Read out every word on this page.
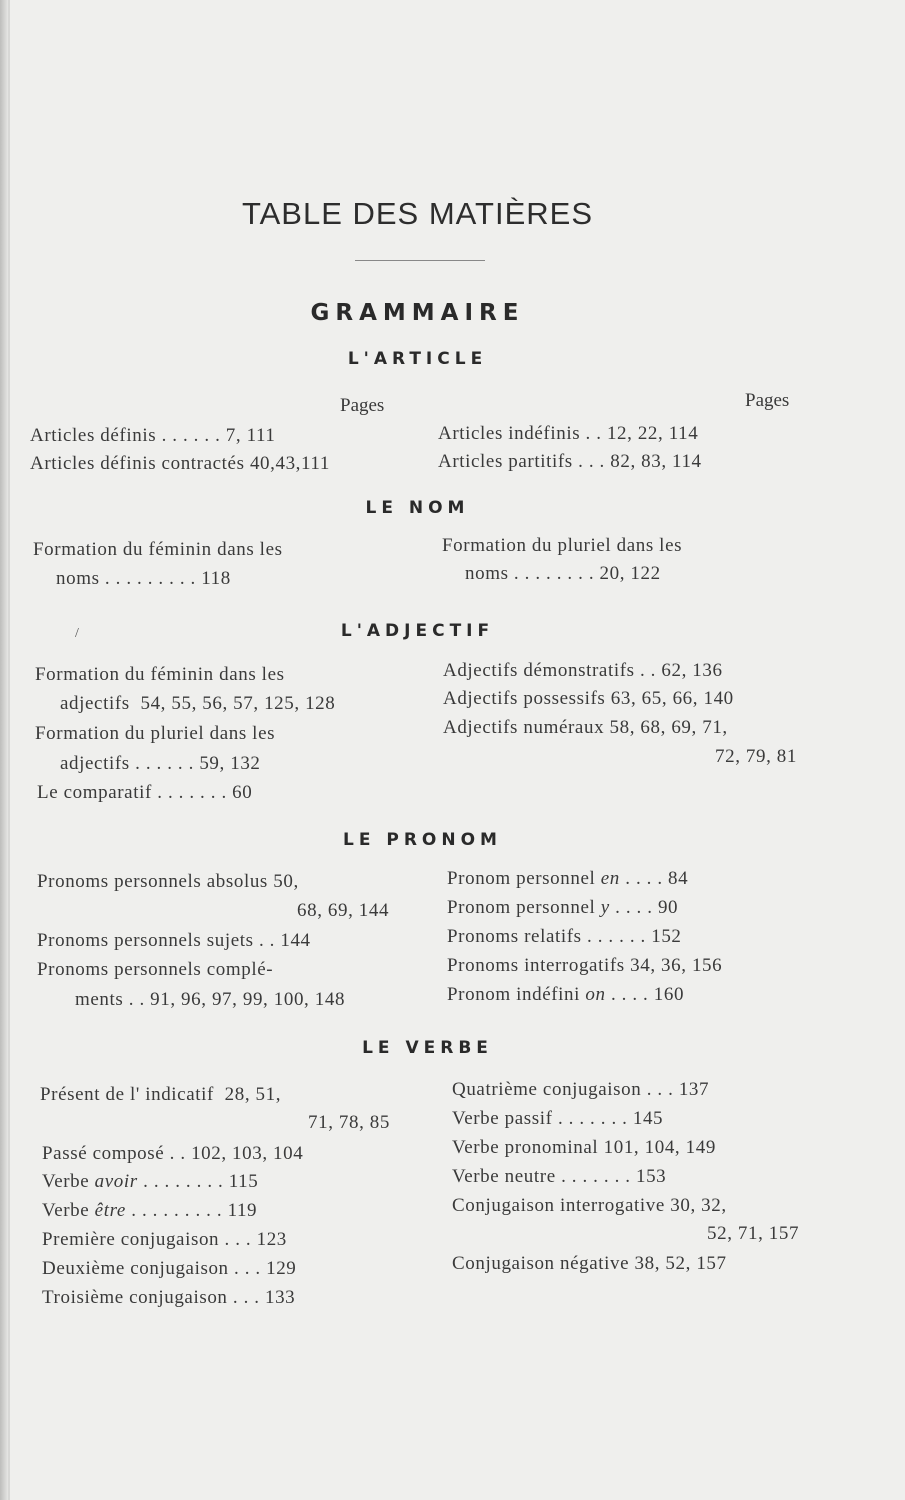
TABLE DES MATIÈRES
GRAMMAIRE
L'ARTICLE
Pages	Pages
Articles définis . . . . . . 7, 111
Articles définis contractés 40,43,111
Articles indéfinis . . 12, 22, 114
Articles partitifs . . . 82, 83, 114
LE NOM
Formation du féminin dans les
noms . . . . . . . . . 118
Formation du pluriel dans les
noms . . . . . . . . 20, 122
/	L'ADJECTIF
Formation du féminin dans les
adjectifs 54, 55, 56, 57, 125, 128
Formation du pluriel dans les
adjectifs . . . . . . 59, 132
Le comparatif . . . . . . . 60
Adjectifs démonstratifs . . 62, 136
Adjectifs possessifs 63, 65, 66, 140
Adjectifs numéraux 58, 68, 69, 71,
72, 79, 81
LE PRONOM
Pronoms personnels absolus 50,
68, 69, 144
Pronoms personnels sujets . . 144
Pronoms personnels complé-
ments . . 91, 96, 97, 99, 100, 148
Pronom personnel en . . . . 84
Pronom personnel y . . . . 90
Pronoms relatifs . . . . . . 152
Pronoms interrogatifs 34, 36, 156
Pronom indéfini on . . . . 160
LE VERBE
Présent de l' indicatif 28, 51,
71, 78, 85
Passé composé . . 102, 103, 104
Verbe avoir . . . . . . . . 115
Verbe être . . . . . . . . . 119
Première conjugaison . . . 123
Deuxième conjugaison . . . 129
Troisième conjugaison . . . 133
Quatrième conjugaison . . . 137
Verbe passif . . . . . . . 145
Verbe pronominal 101, 104, 149
Verbe neutre . . . . . . . 153
Conjugaison interrogative 30, 32,
52, 71, 157
Conjugaison négative 38, 52, 157
